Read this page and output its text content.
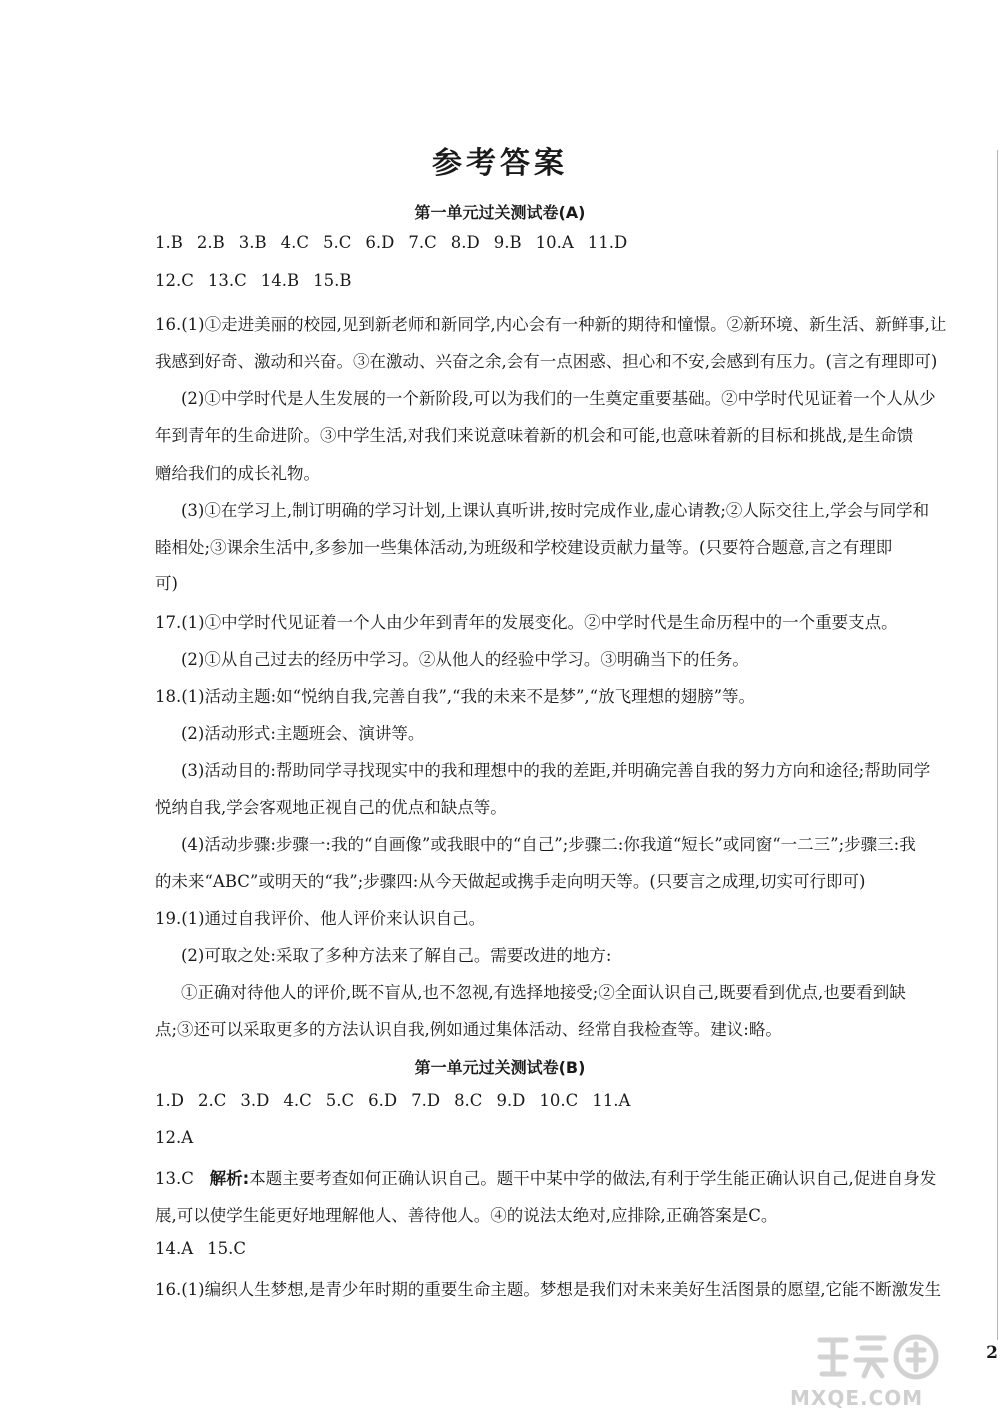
参考答案
第一单元过关测试卷(A)
1.B 2.B 3.B 4.C 5.C 6.D 7.C 8.D 9.B 10.A 11.D
12.C 13.C 14.B 15.B
16.(1)①走进美丽的校园,见到新老师和新同学,内心会有一种新的期待和憧憬。②新环境、新生活、新鲜事,让
我感到好奇、激动和兴奋。③在激动、兴奋之余,会有一点困惑、担心和不安,会感到有压力。(言之有理即可)
(2)①中学时代是人生发展的一个新阶段,可以为我们的一生奠定重要基础。②中学时代见证着一个人从少
年到青年的生命进阶。③中学生活,对我们来说意味着新的机会和可能,也意味着新的目标和挑战,是生命馈
赠给我们的成长礼物。
(3)①在学习上,制订明确的学习计划,上课认真听讲,按时完成作业,虚心请教;②人际交往上,学会与同学和
睦相处;③课余生活中,多参加一些集体活动,为班级和学校建设贡献力量等。(只要符合题意,言之有理即
可)
17.(1)①中学时代见证着一个人由少年到青年的发展变化。②中学时代是生命历程中的一个重要支点。
(2)①从自己过去的经历中学习。②从他人的经验中学习。③明确当下的任务。
18.(1)活动主题:如“悦纳自我,完善自我”,“我的未来不是梦”,“放飞理想的翅膀”等。
(2)活动形式:主题班会、演讲等。
(3)活动目的:帮助同学寻找现实中的我和理想中的我的差距,并明确完善自我的努力方向和途径;帮助同学
悦纳自我,学会客观地正视自己的优点和缺点等。
(4)活动步骤:步骤一:我的“自画像”或我眼中的“自己”;步骤二:你我道“短长”或同窗“一二三”;步骤三:我
的未来“ABC”或明天的“我”;步骤四:从今天做起或携手走向明天等。(只要言之成理,切实可行即可)
19.(1)通过自我评价、他人评价来认识自己。
(2)可取之处:采取了多种方法来了解自己。需要改进的地方:
①正确对待他人的评价,既不盲从,也不忽视,有选择地接受;②全面认识自己,既要看到优点,也要看到缺
点;③还可以采取更多的方法认识自我,例如通过集体活动、经常自我检查等。建议:略。
第一单元过关测试卷(B)
1.D 2.C 3.D 4.C 5.C 6.D 7.D 8.C 9.D 10.C 11.A
12.A
13.C 解析:本题主要考查如何正确认识自己。题干中某中学的做法,有利于学生能正确认识自己,促进自身发
展,可以使学生能更好地理解他人、善待他人。④的说法太绝对,应排除,正确答案是C。
14.A 15.C
16.(1)编织人生梦想,是青少年时期的重要生命主题。梦想是我们对未来美好生活图景的愿望,它能不断激发生
2
MXQE.COM
